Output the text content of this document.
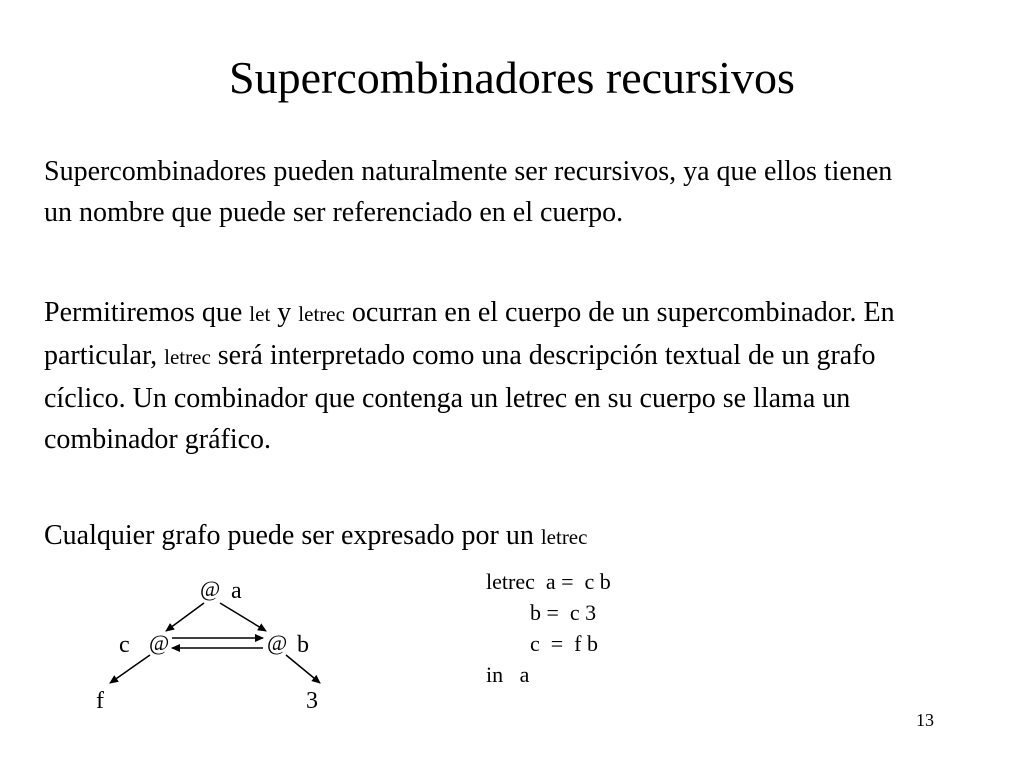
Supercombinadores recursivos
Supercombinadores pueden naturalmente ser recursivos, ya que ellos tienen un nombre que puede ser referenciado en el cuerpo.
Permitiremos que let y letrec ocurran en el cuerpo de un supercombinador. En particular, letrec será interpretado como una descripción textual de un grafo cíclico. Un combinador que contenga un letrec en su cuerpo se llama un combinador gráfico.
Cualquier grafo puede ser expresado por un letrec
@ a
c @	@ b
f	3
letrec  a =  c b
b =  c 3
c  =  f b
in   a
13
